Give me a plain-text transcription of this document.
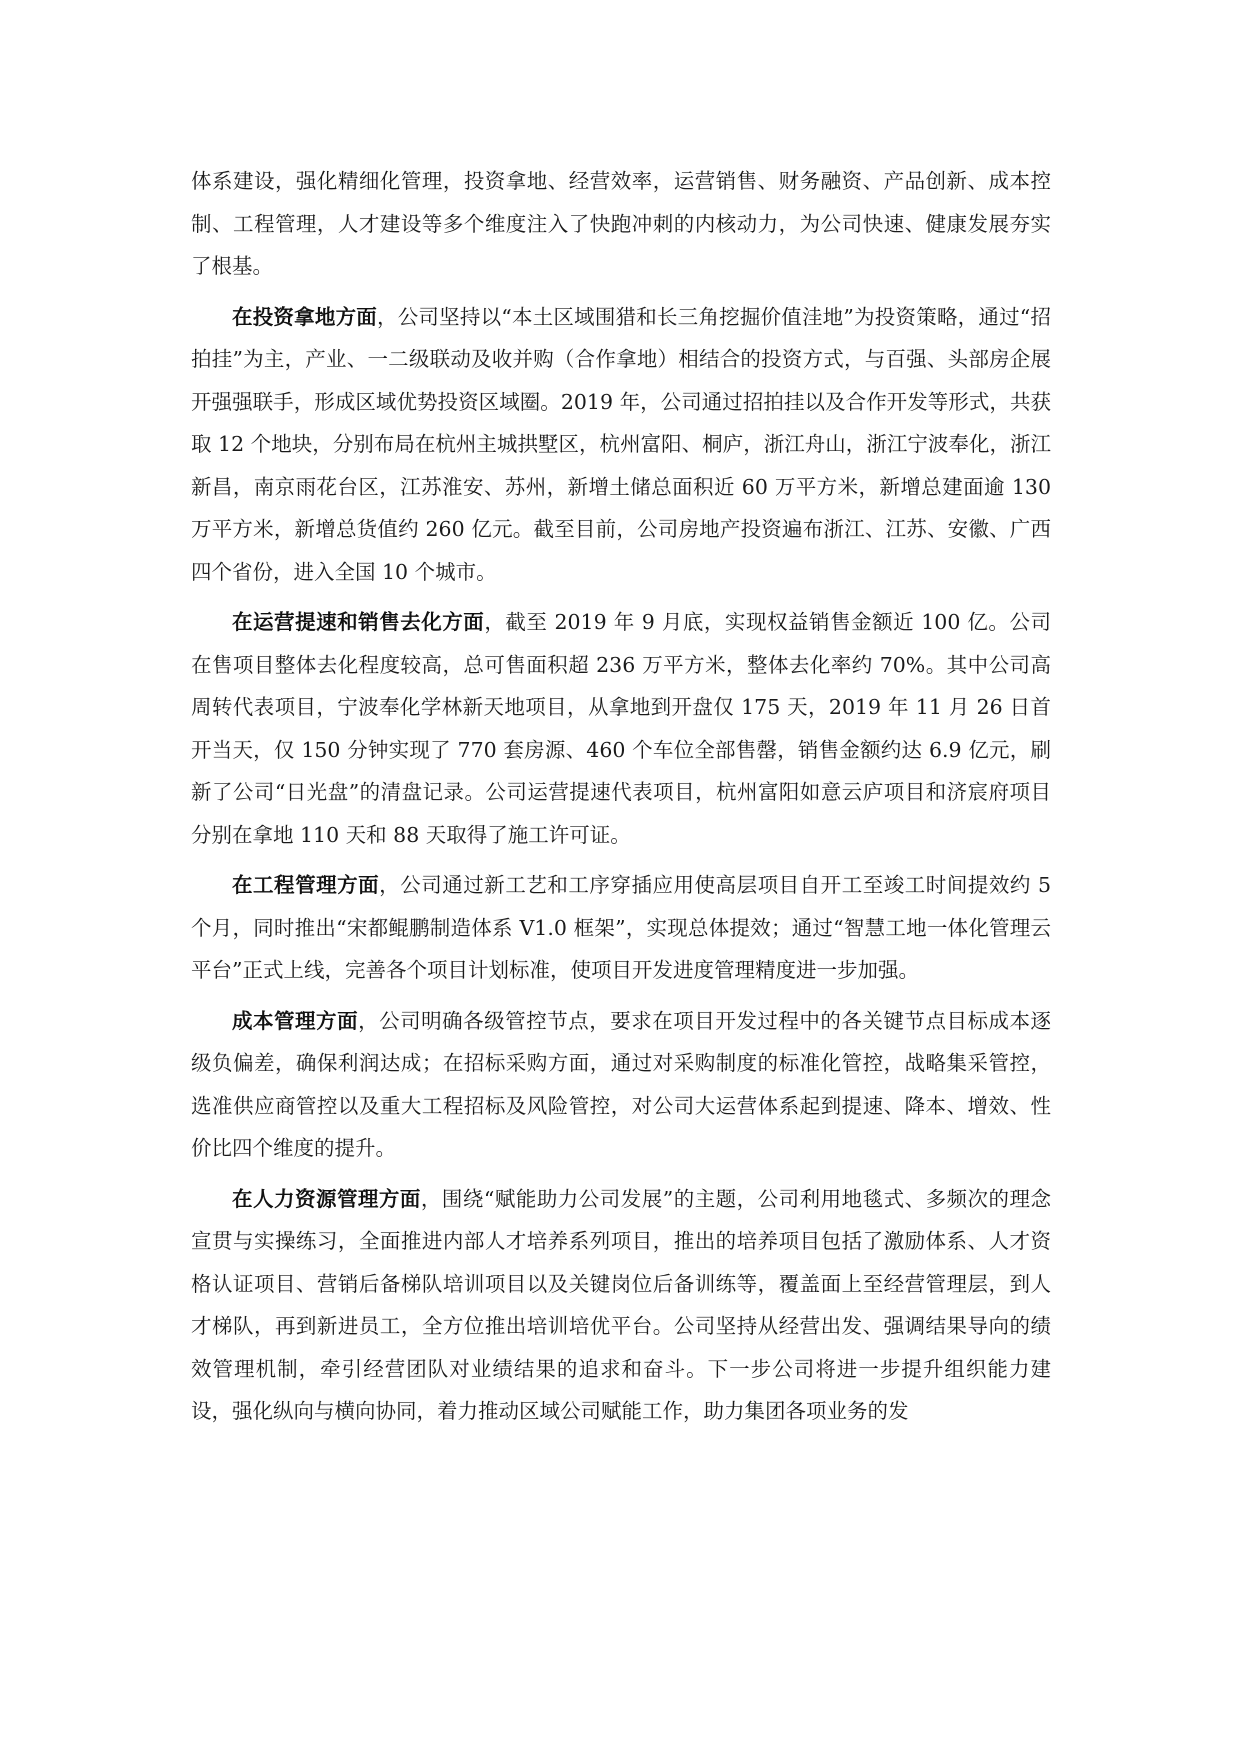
体系建设，强化精细化管理，投资拿地、经营效率，运营销售、财务融资、产品创新、成本控制、工程管理，人才建设等多个维度注入了快跑冲刺的内核动力，为公司快速、健康发展夯实了根基。

在投资拿地方面，公司坚持以“本土区域围猎和长三角挖掘价值洼地”为投资策略，通过“招拍挂”为主，产业、一二级联动及收并购（合作拿地）相结合的投资方式，与百强、头部房企展开强强联手，形成区域优势投资区域圈。2019 年，公司通过招拍挂以及合作开发等形式，共获取 12 个地块，分别布局在杭州主城拱墅区，杭州富阳、桐庐，浙江舟山，浙江宁波奉化，浙江新昌，南京雨花台区，江苏淮安、苏州，新增土储总面积近 60 万平方米，新增总建面逾 130 万平方米，新增总货值约 260 亿元。截至目前，公司房地产投资遍布浙江、江苏、安徽、广西四个省份，进入全国 10 个城市。

在运营提速和销售去化方面，截至 2019 年 9 月底，实现权益销售金额近 100 亿。公司在售项目整体去化程度较高，总可售面积超 236 万平方米，整体去化率约 70%。其中公司高周转代表项目，宁波奉化学林新天地项目，从拿地到开盘仅 175 天，2019 年 11 月 26 日首开当天，仅 150 分钟实现了 770 套房源、460 个车位全部售罄，销售金额约达 6.9 亿元，刷新了公司“日光盘”的清盘记录。公司运营提速代表项目，杭州富阳如意云庐项目和济宸府项目分别在拿地 110 天和 88 天取得了施工许可证。

在工程管理方面，公司通过新工艺和工序穿插应用使高层项目自开工至竣工时间提效约 5 个月，同时推出“宋都鲲鹏制造体系 V1.0 框架”，实现总体提效；通过“智慧工地一体化管理云平台”正式上线，完善各个项目计划标准，使项目开发进度管理精度进一步加强。

成本管理方面，公司明确各级管控节点，要求在项目开发过程中的各关键节点目标成本逐级负偏差，确保利润达成；在招标采购方面，通过对采购制度的标准化管控，战略集采管控，选准供应商管控以及重大工程招标及风险管控，对公司大运营体系起到提速、降本、增效、性价比四个维度的提升。

在人力资源管理方面，围绕“赋能助力公司发展”的主题，公司利用地毯式、多频次的理念宣贯与实操练习，全面推进内部人才培养系列项目，推出的培养项目包括了激励体系、人才资格认证项目、营销后备梯队培训项目以及关键岗位后备训练等，覆盖面上至经营管理层，到人才梯队，再到新进员工，全方位推出培训培优平台。公司坚持从经营出发、强调结果导向的绩效管理机制，牵引经营团队对业绩结果的追求和奋斗。下一步公司将进一步提升组织能力建设，强化纵向与横向协同，着力推动区域公司赋能工作，助力集团各项业务的发
